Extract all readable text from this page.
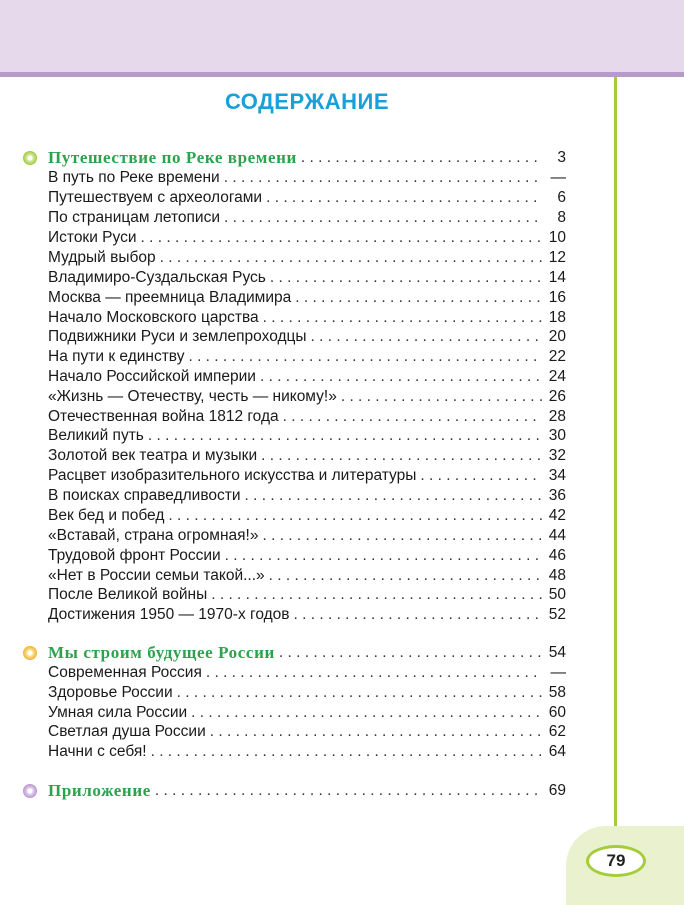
79
СОДЕРЖАНИЕ
Путешествие по Реке времени . . .	3
В путь по Реке времени . . .	—
Путешествуем с археологами . . .	6
По страницам летописи . . .	8
Истоки Руси . . .	10
Мудрый выбор . . .	12
Владимиро-Суздальская Русь . . .	14
Москва — преемница Владимира . . .	16
Начало Московского царства . . .	18
Подвижники Руси и землепроходцы . . .	20
На пути к единству . . .	22
Начало Российской империи . . .	24
«Жизнь — Отечеству, честь — никому!» . . .	26
Отечественная война 1812 года . . .	28
Великий путь . . .	30
Золотой век театра и музыки . . .	32
Расцвет изобразительного искусства и литературы . . .	34
В поисках справедливости . . .	36
Век бед и побед . . .	42
«Вставай, страна огромная!» . . .	44
Трудовой фронт России . . .	46
«Нет в России семьи такой...» . . .	48
После Великой войны . . .	50
Достижения 1950 — 1970-х годов . . .	52
Мы строим будущее России . . .	54
Современная Россия . . .	—
Здоровье России . . .	58
Умная сила России . . .	60
Светлая душа России . . .	62
Начни с себя! . . .	64
Приложение . . .	69
